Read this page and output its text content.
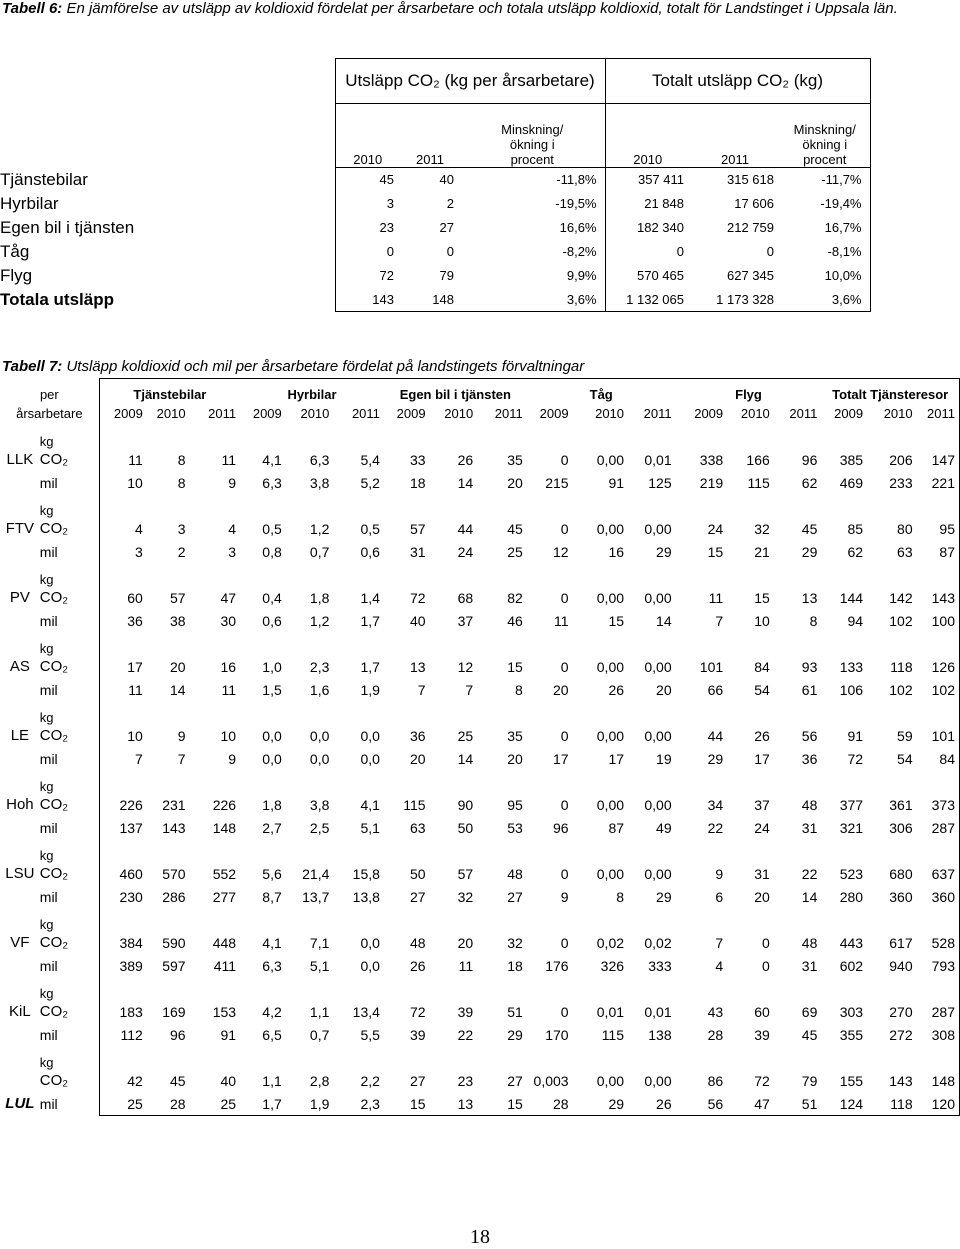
Tabell 6: En jämförelse av utsläpp av koldioxid fördelat per årsarbetare och totala utsläpp koldioxid, totalt för Landstinget i Uppsala län.
	Utsläpp CO₂ (kg per årsarbetare)			Totalt utsläpp CO₂ (kg)		
	2010	2011	Minskning/ ökning i procent	2010	2011	Minskning/ ökning i procent
Tjänstebilar	45	40	-11,8%	357 411	315 618	-11,7%
Hyrbilar	3	2	-19,5%	21 848	17 606	-19,4%
Egen bil i tjänsten	23	27	16,6%	182 340	212 759	16,7%
Tåg	0	0	-8,2%	0	0	-8,1%
Flyg	72	79	9,9%	570 465	627 345	10,0%
Totala utsläpp	143	148	3,6%	1 132 065	1 173 328	3,6%
Tabell 7: Utsläpp koldioxid och mil per årsarbetare fördelat på landstingets förvaltningar
per		Tjänstebilar			Hyrbilar			Egen bil i tjänsten			Tåg			Flyg			Totalt Tjänsteresor		
årsarbetare		2009	2010	2011	2009	2010	2011	2009	2010	2011	2009	2010	2011	2009	2010	2011	2009	2010	2011
	kg																		
LLK	CO₂	11	8	11	4,1	6,3	5,4	33	26	35	0	0,00	0,01	338	166	96	385	206	147
	mil	10	8	9	6,3	3,8	5,2	18	14	20	215	91	125	219	115	62	469	233	221
	kg																		
FTV	CO₂	4	3	4	0,5	1,2	0,5	57	44	45	0	0,00	0,00	24	32	45	85	80	95
	mil	3	2	3	0,8	0,7	0,6	31	24	25	12	16	29	15	21	29	62	63	87
	kg																		
PV	CO₂	60	57	47	0,4	1,8	1,4	72	68	82	0	0,00	0,00	11	15	13	144	142	143
	mil	36	38	30	0,6	1,2	1,7	40	37	46	11	15	14	7	10	8	94	102	100
	kg																		
AS	CO₂	17	20	16	1,0	2,3	1,7	13	12	15	0	0,00	0,00	101	84	93	133	118	126
	mil	11	14	11	1,5	1,6	1,9	7	7	8	20	26	20	66	54	61	106	102	102
	kg																		
LE	CO₂	10	9	10	0,0	0,0	0,0	36	25	35	0	0,00	0,00	44	26	56	91	59	101
	mil	7	7	9	0,0	0,0	0,0	20	14	20	17	17	19	29	17	36	72	54	84
	kg																		
Hoh	CO₂	226	231	226	1,8	3,8	4,1	115	90	95	0	0,00	0,00	34	37	48	377	361	373
	mil	137	143	148	2,7	2,5	5,1	63	50	53	96	87	49	22	24	31	321	306	287
	kg																		
LSU	CO₂	460	570	552	5,6	21,4	15,8	50	57	48	0	0,00	0,00	9	31	22	523	680	637
	mil	230	286	277	8,7	13,7	13,8	27	32	27	9	8	29	6	20	14	280	360	360
	kg																		
VF	CO₂	384	590	448	4,1	7,1	0,0	48	20	32	0	0,02	0,02	7	0	48	443	617	528
	mil	389	597	411	6,3	5,1	0,0	26	11	18	176	326	333	4	0	31	602	940	793
	kg																		
KiL	CO₂	183	169	153	4,2	1,1	13,4	72	39	51	0	0,01	0,01	43	60	69	303	270	287
	mil	112	96	91	6,5	0,7	5,5	39	22	29	170	115	138	28	39	45	355	272	308
	kg																		
	CO₂	42	45	40	1,1	2,8	2,2	27	23	27	0,003	0,00	0,00	86	72	79	155	143	148
LUL	mil	25	28	25	1,7	1,9	2,3	15	13	15	28	29	26	56	47	51	124	118	120
18
